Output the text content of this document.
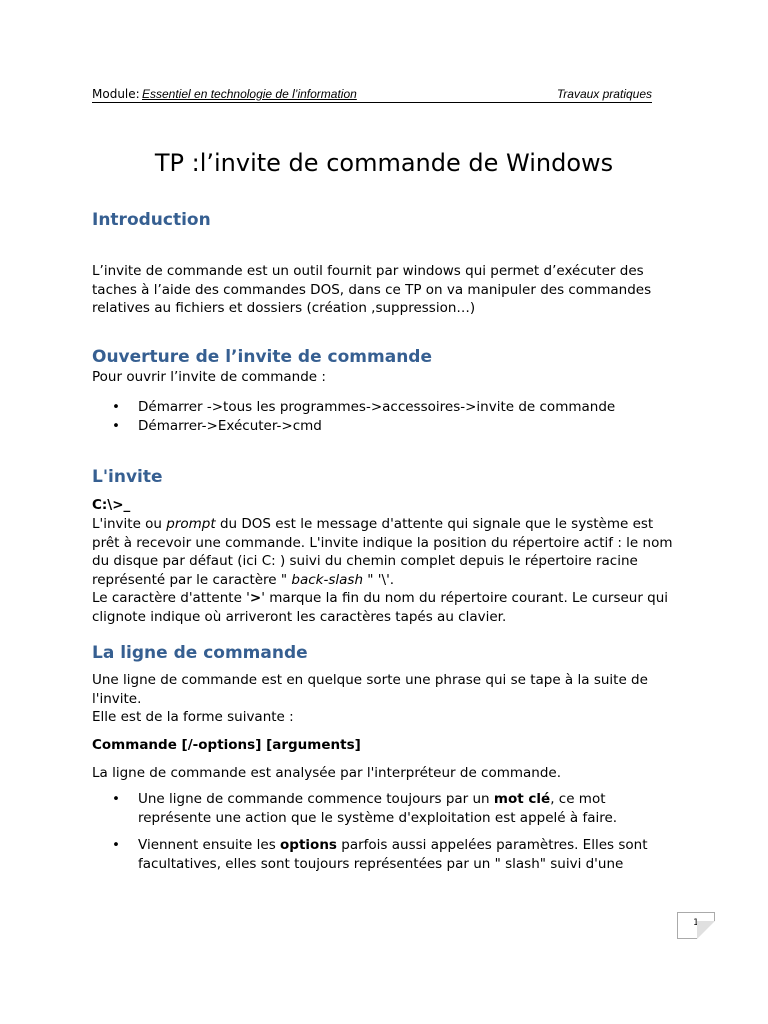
Module: Essentiel en technologie de l’information	Travaux pratiques
TP :l’invite de commande de Windows
Introduction

L’invite de commande est un outil fournit par windows qui permet d’exécuter des taches à l’aide des commandes DOS, dans ce TP on va manipuler des commandes relatives au fichiers et dossiers (création ,suppression…)

Ouverture de l’invite de commande

Pour ouvrir l’invite de commande :

• Démarrer ->tous les programmes->accessoires->invite de commande
• Démarrer->Exécuter->cmd
L'invite

C:\>_

L'invite ou prompt du DOS est le message d'attente qui signale que le système est prêt à recevoir une commande. L'invite indique la position du répertoire actif : le nom du disque par défaut (ici C: ) suivi du chemin complet depuis le répertoire racine représenté par le caractère " back-slash " '\'.

Le caractère d'attente '>' marque la fin du nom du répertoire courant. Le curseur qui clignote indique où arriveront les caractères tapés au clavier.

La ligne de commande

Une ligne de commande est en quelque sorte une phrase qui se tape à la suite de l'invite.

Elle est de la forme suivante :

Commande [/-options] [arguments]

La ligne de commande est analysée par l'interpréteur de commande.

• Une ligne de commande commence toujours par un mot clé, ce mot représente une action que le système d'exploitation est appelé à faire.
• Viennent ensuite les options parfois aussi appelées paramètres. Elles sont facultatives, elles sont toujours représentées par un " slash" suivi d'une
1
